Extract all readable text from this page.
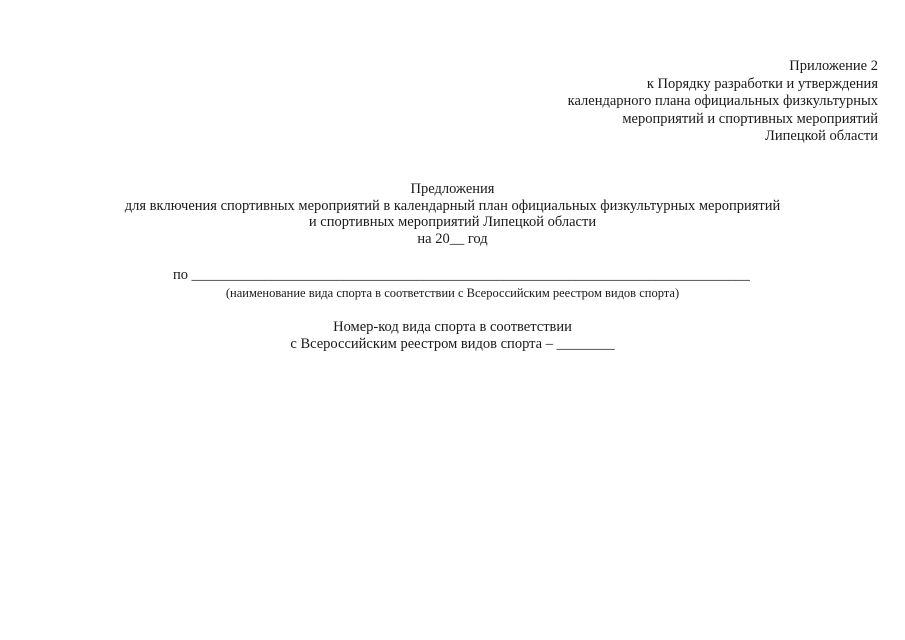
Приложение 2
к Порядку разработки и утверждения
календарного плана официальных физкультурных
мероприятий и спортивных мероприятий
Липецкой области
Предложения
для включения спортивных мероприятий в календарный план официальных физкультурных мероприятий
и спортивных мероприятий Липецкой области
на 20__ год
по _____________________________________________________________________________
(наименование вида спорта в соответствии с Всероссийским реестром видов спорта)
Номер-код вида спорта в соответствии
с Всероссийским реестром видов спорта – ________
